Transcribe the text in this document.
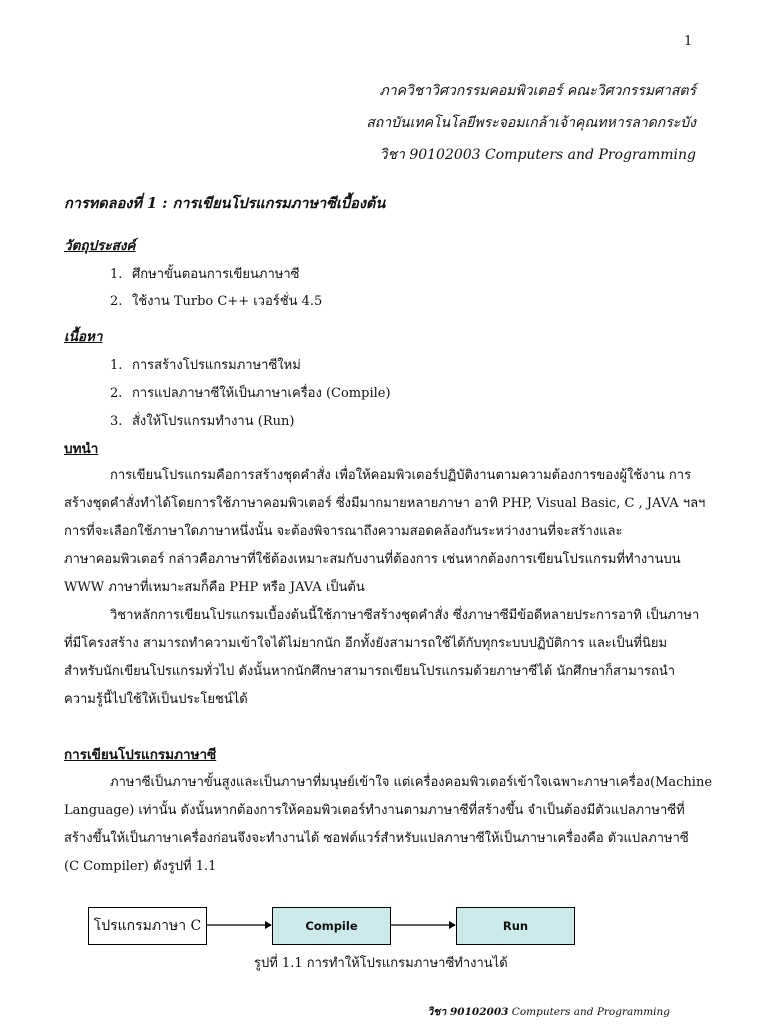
1
ภาควิชาวิศวกรรมคอมพิวเตอร์ คณะวิศวกรรมศาสตร์
สถาบันเทคโนโลยีพระจอมเกล้าเจ้าคุณทหารลาดกระบัง
วิชา 90102003 Computers and Programming
การทดลองที่ 1 : การเขียนโปรแกรมภาษาซีเบื้องต้น
วัตถุประสงค์
1. ศึกษาขั้นตอนการเขียนภาษาซี
2. ใช้งาน Turbo C++ เวอร์ชั่น 4.5
เนื้อหา
1. การสร้างโปรแกรมภาษาซีใหม่
2. การแปลภาษาซีให้เป็นภาษาเครื่อง (Compile)
3. สั่งให้โปรแกรมทำงาน (Run)
บทนำ
การเขียนโปรแกรมคือการสร้างชุดคำสั่ง เพื่อให้คอมพิวเตอร์ปฏิบัติงานตามความต้องการของผู้ใช้งาน การ
สร้างชุดคำสั่งทำได้โดยการใช้ภาษาคอมพิวเตอร์ ซึ่งมีมากมายหลายภาษา อาทิ PHP, Visual Basic, C , JAVA ฯลฯ
การที่จะเลือกใช้ภาษาใดภาษาหนึ่งนั้น จะต้องพิจารณาถึงความสอดคล้องกันระหว่างงานที่จะสร้างและ
ภาษาคอมพิวเตอร์ กล่าวคือภาษาที่ใช้ต้องเหมาะสมกับงานที่ต้องการ เช่นหากต้องการเขียนโปรแกรมที่ทำงานบน
WWW ภาษาที่เหมาะสมก็คือ PHP หรือ JAVA เป็นต้น
วิชาหลักการเขียนโปรแกรมเบื้องต้นนี้ใช้ภาษาซีสร้างชุดคำสั่ง ซึ่งภาษาซีมีข้อดีหลายประการอาทิ เป็นภาษา
ที่มีโครงสร้าง สามารถทำความเข้าใจได้ไม่ยากนัก อีกทั้งยังสามารถใช้ได้กับทุกระบบปฏิบัติการ และเป็นที่นิยม
สำหรับนักเขียนโปรแกรมทั่วไป ดังนั้นหากนักศึกษาสามารถเขียนโปรแกรมด้วยภาษาซีได้ นักศึกษาก็สามารถนำ
ความรู้นี้ไปใช้ให้เป็นประโยชน์ได้
การเขียนโปรแกรมภาษาซี
ภาษาซีเป็นภาษาขั้นสูงและเป็นภาษาที่มนุษย์เข้าใจ แต่เครื่องคอมพิวเตอร์เข้าใจเฉพาะภาษาเครื่อง(Machine
Language) เท่านั้น ดังนั้นหากต้องการให้คอมพิวเตอร์ทำงานตามภาษาซีที่สร้างขึ้น จำเป็นต้องมีตัวแปลภาษาซีที่
สร้างขึ้นให้เป็นภาษาเครื่องก่อนจึงจะทำงานได้ ซอฟต์แวร์สำหรับแปลภาษาซีให้เป็นภาษาเครื่องคือ ตัวแปลภาษาซี
(C Compiler) ดังรูปที่ 1.1
โปรแกรมภาษา C	Compile	Run
รูปที่ 1.1 การทำให้โปรแกรมภาษาซีทำงานได้
วิชา 90102003 Computers and Programming
